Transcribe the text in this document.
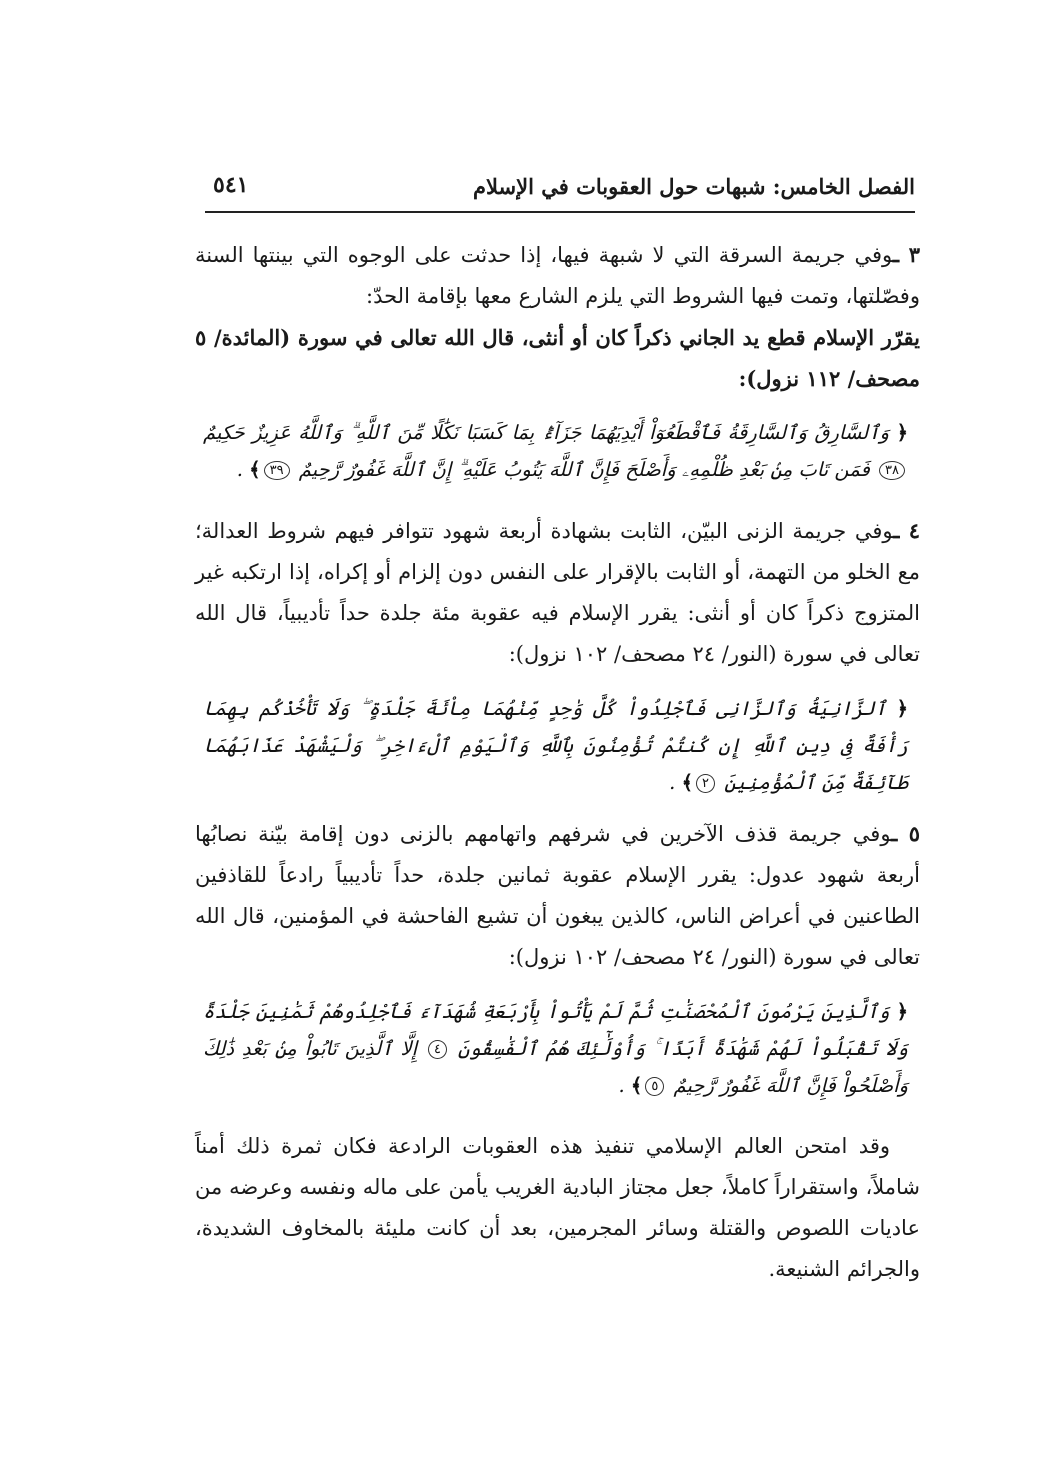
الفصل الخامس: شبهات حول العقوبات في الإسلام
٥٤١

٣ ـوفي جريمة السرقة التي لا شبهة فيها، إذا حدثت على الوجوه التي بينتها السنة وفصّلتها، وتمت فيها الشروط التي يلزم الشارع معها بإقامة الحدّ:

يقرّر الإسلام قطع يد الجاني ذكراً كان أو أنثى، قال الله تعالى في سورة (المائدة/ ٥ مصحف/ ١١٢ نزول):

﴿ وَٱلسَّارِقُ وَٱلسَّارِقَةُ فَٱقْطَعُوٓاْ أَيْدِيَهُمَا جَزَآءًۢ بِمَا كَسَبَا نَكَٰلًا مِّنَ ٱللَّهِ ۗ وَٱللَّهُ عَزِيزٌ حَكِيمٌ ٣٨ فَمَن تَابَ مِنۢ بَعْدِ ظُلْمِهِۦ وَأَصْلَحَ فَإِنَّ ٱللَّهَ يَتُوبُ عَلَيْهِ ۗ إِنَّ ٱللَّهَ غَفُورٌ رَّحِيمٌ ٣٩﴾ .

٤ ـوفي جريمة الزنى البيّن، الثابت بشهادة أربعة شهود تتوافر فيهم شروط العدالة؛ مع الخلو من التهمة، أو الثابت بالإقرار على النفس دون إلزام أو إكراه، إذا ارتكبه غير المتزوج ذكراً كان أو أنثى: يقرر الإسلام فيه عقوبة مئة جلدة حداً تأديبياً، قال الله تعالى في سورة (النور/ ٢٤ مصحف/ ١٠٢ نزول):

﴿ ٱلزَّانِيَةُ وَٱلزَّانِى فَٱجْلِدُواْ كُلَّ وَٰحِدٍ مِّنْهُمَا مِاْئَةَ جَلْدَةٍ ۖ وَلَا تَأْخُذْكُم بِهِمَا رَأْفَةٌ فِى دِينِ ٱللَّهِ إِن كُنتُمْ تُؤْمِنُونَ بِٱللَّهِ وَٱلْيَوْمِ ٱلْءَاخِرِ ۖ وَلْيَشْهَدْ عَذَابَهُمَا طَآئِفَةٌ مِّنَ ٱلْمُؤْمِنِينَ ٢﴾ .

٥ ـوفي جريمة قذف الآخرين في شرفهم واتهامهم بالزنى دون إقامة بيّنة نصابُها أربعة شهود عدول: يقرر الإسلام عقوبة ثمانين جلدة، حداً تأديبياً رادعاً للقاذفين الطاعنين في أعراض الناس، كالذين يبغون أن تشيع الفاحشة في المؤمنين، قال الله تعالى في سورة (النور/ ٢٤ مصحف/ ١٠٢ نزول):

﴿ وَٱلَّذِينَ يَرْمُونَ ٱلْمُحْصَنَٰتِ ثُمَّ لَمْ يَأْتُواْ بِأَرْبَعَةِ شُهَدَآءَ فَٱجْلِدُوهُمْ ثَمَٰنِينَ جَلْدَةً وَلَا تَقْبَلُواْ لَهُمْ شَهَٰدَةً أَبَدًا ۚ وَأُوْلَٰٓئِكَ هُمُ ٱلْفَٰسِقُونَ ٤ إِلَّا ٱلَّذِينَ تَابُواْ مِنۢ بَعْدِ ذَٰلِكَ وَأَصْلَحُواْ فَإِنَّ ٱللَّهَ غَفُورٌ رَّحِيمٌ ٥﴾ .

وقد امتحن العالم الإسلامي تنفيذ هذه العقوبات الرادعة فكان ثمرة ذلك أمناً شاملاً، واستقراراً كاملاً، جعل مجتاز البادية الغريب يأمن على ماله ونفسه وعرضه من عاديات اللصوص والقتلة وسائر المجرمين، بعد أن كانت مليئة بالمخاوف الشديدة، والجرائم الشنيعة.
